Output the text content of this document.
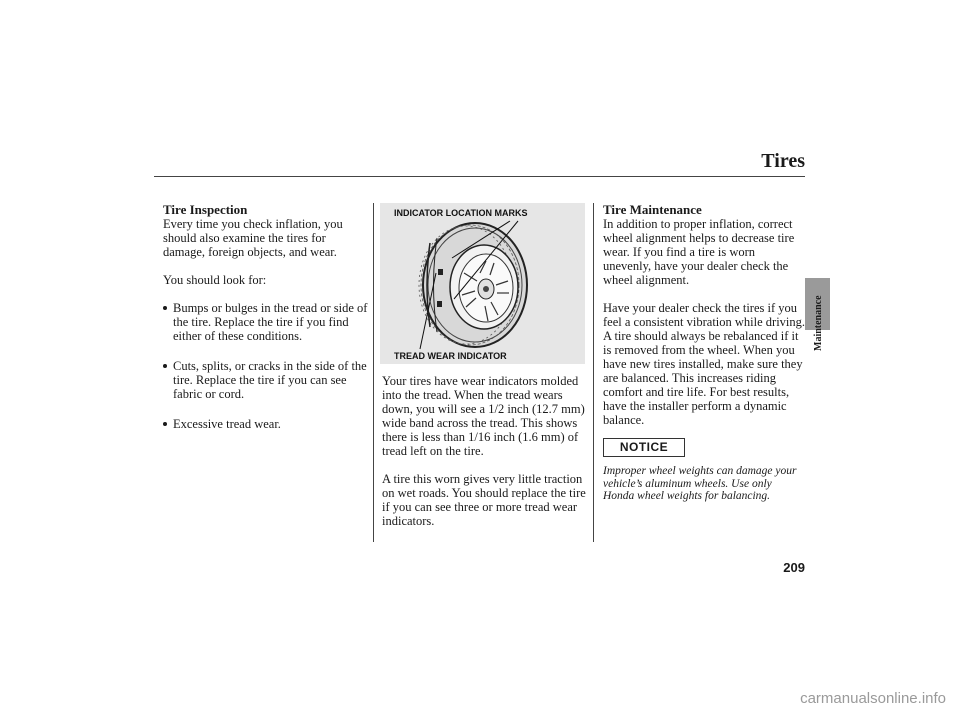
Tires
Tire Inspection

Every time you check inflation, you should also examine the tires for damage, foreign objects, and wear.

You should look for:

Bumps or bulges in the tread or side of the tire. Replace the tire if you find either of these conditions.
Cuts, splits, or cracks in the side of the tire. Replace the tire if you can see fabric or cord.
Excessive tread wear.
INDICATOR LOCATION MARKS
TREAD WEAR INDICATOR

Your tires have wear indicators molded into the tread. When the tread wears down, you will see a 1/2 inch (12.7 mm) wide band across the tread. This shows there is less than 1/16 inch (1.6 mm) of tread left on the tire.

A tire this worn gives very little traction on wet roads. You should replace the tire if you can see three or more tread wear indicators.

Tire Maintenance

In addition to proper inflation, correct wheel alignment helps to decrease tire wear. If you find a tire is worn unevenly, have your dealer check the wheel alignment.

Have your dealer check the tires if you feel a consistent vibration while driving. A tire should always be rebalanced if it is removed from the wheel. When you have new tires installed, make sure they are balanced. This increases riding comfort and tire life. For best results, have the installer perform a dynamic balance.

NOTICE

Improper wheel weights can damage your vehicle’s aluminum wheels. Use only Honda wheel weights for balancing.

Maintenance
209
carmanualsonline.info
